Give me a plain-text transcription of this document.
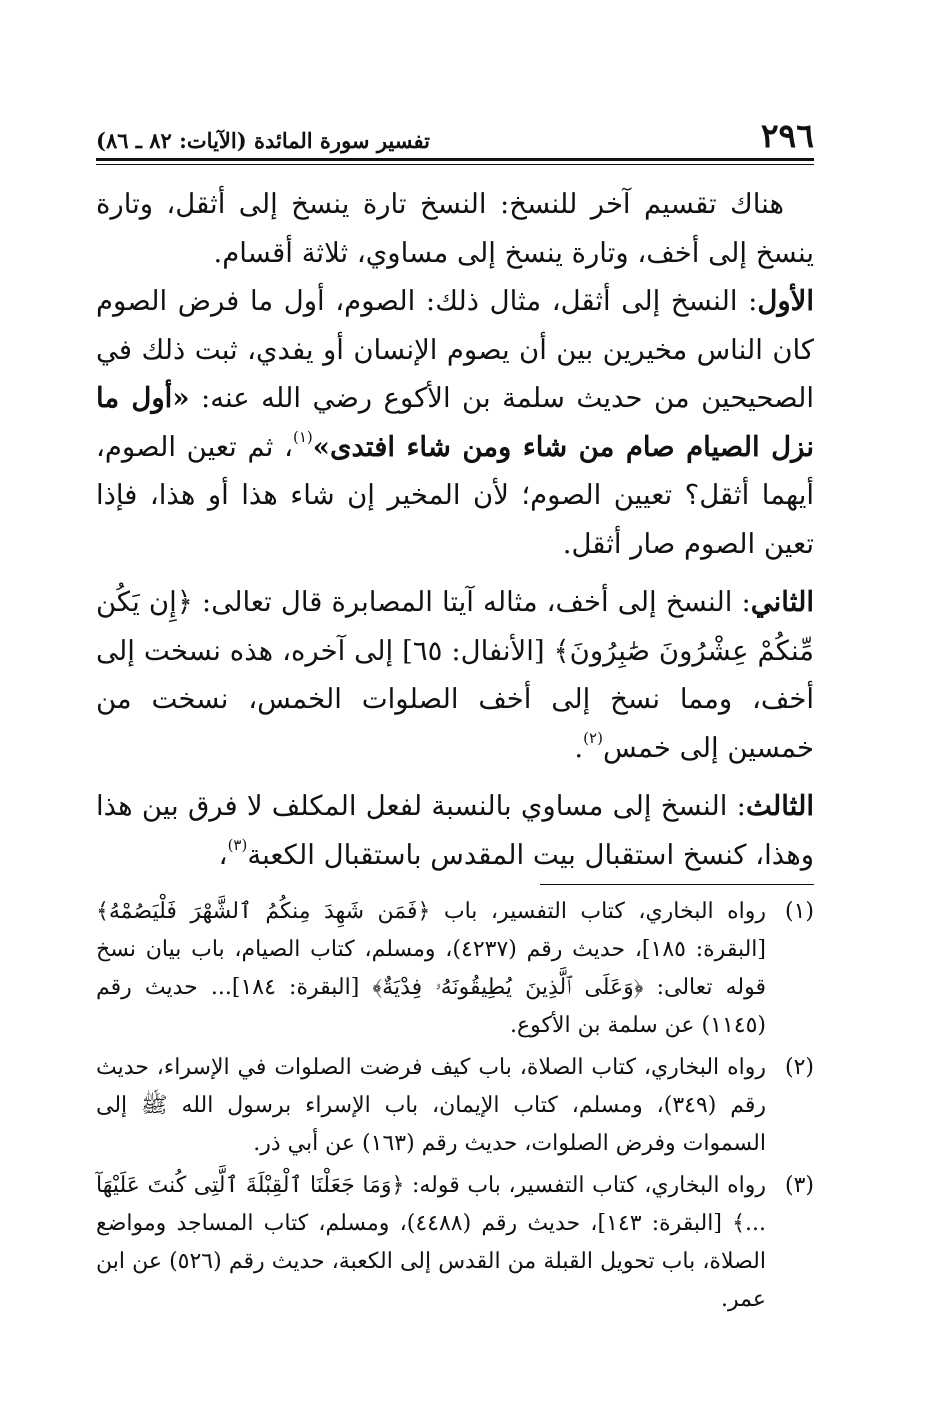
٢٩٦
تفسير سورة المائدة (الآيات: ٨٢ ـ ٨٦)

هناك تقسيم آخر للنسخ: النسخ تارة ينسخ إلى أثقل، وتارة ينسخ إلى أخف، وتارة ينسخ إلى مساوي، ثلاثة أقسام.

الأول: النسخ إلى أثقل، مثال ذلك: الصوم، أول ما فرض الصوم كان الناس مخيرين بين أن يصوم الإنسان أو يفدي، ثبت ذلك في الصحيحين من حديث سلمة بن الأكوع رضي الله عنه: «أول ما نزل الصيام صام من شاء ومن شاء افتدى»$^{(١)}$، ثم تعين الصوم، أيهما أثقل؟ تعيين الصوم؛ لأن المخير إن شاء هذا أو هذا، فإذا تعين الصوم صار أثقل.

الثاني: النسخ إلى أخف، مثاله آيتا المصابرة قال تعالى: ﴿إِن يَكُن مِّنكُمْ عِشْرُونَ صَٰبِرُونَ﴾ [الأنفال: ٦٥] إلى آخره، هذه نسخت إلى أخف، ومما نسخ إلى أخف الصلوات الخمس، نسخت من خمسين إلى خمس$^{(٢)}$.

الثالث: النسخ إلى مساوي بالنسبة لفعل المكلف لا فرق بين هذا وهذا، كنسخ استقبال بيت المقدس باستقبال الكعبة$^{(٣)}$،

(١)
رواه البخاري، كتاب التفسير، باب ﴿فَمَن شَهِدَ مِنكُمُ ٱلشَّهْرَ فَلْيَصُمْهُ﴾ [البقرة: ١٨٥]، حديث رقم (٤٢٣٧)، ومسلم، كتاب الصيام، باب بيان نسخ قوله تعالى: ﴿وَعَلَى ٱلَّذِينَ يُطِيقُونَهُۥ فِدْيَةٌ﴾ [البقرة: ١٨٤]... حديث رقم (١١٤٥) عن سلمة بن الأكوع.
(٢)
رواه البخاري، كتاب الصلاة، باب كيف فرضت الصلوات في الإسراء، حديث رقم (٣٤٩)، ومسلم، كتاب الإيمان، باب الإسراء برسول الله ﷺ إلى السموات وفرض الصلوات، حديث رقم (١٦٣) عن أبي ذر.
(٣)
رواه البخاري، كتاب التفسير، باب قوله: ﴿وَمَا جَعَلْنَا ٱلْقِبْلَةَ ٱلَّتِى كُنتَ عَلَيْهَآ ...﴾ [البقرة: ١٤٣]، حديث رقم (٤٤٨٨)، ومسلم، كتاب المساجد ومواضع الصلاة، باب تحويل القبلة من القدس إلى الكعبة، حديث رقم (٥٢٦) عن ابن عمر.
